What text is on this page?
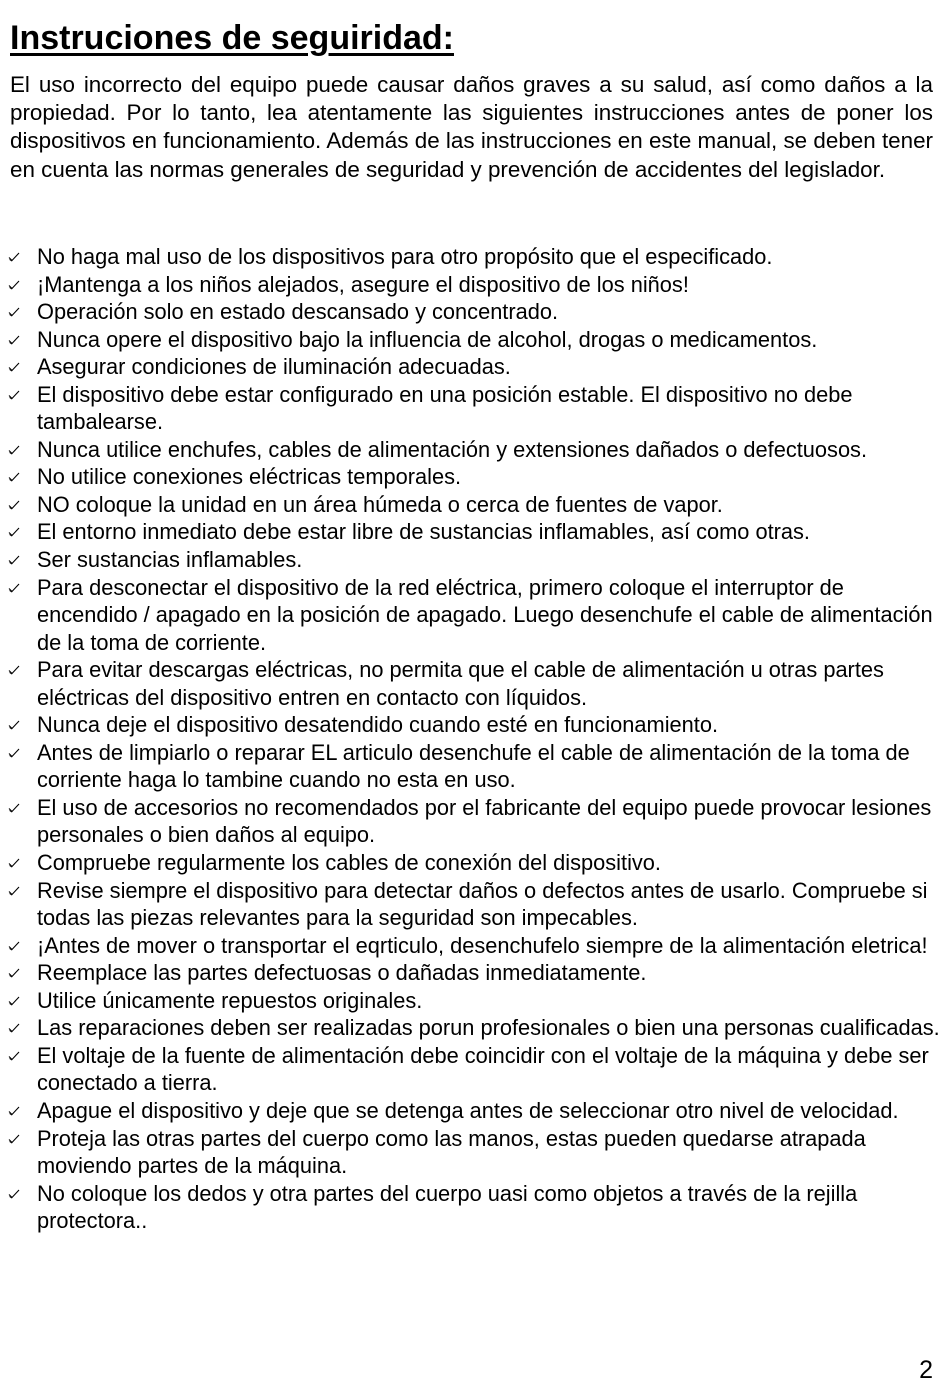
Instruciones de seguiridad:

El uso incorrecto del equipo puede causar daños graves a su salud, así como daños a la propiedad. Por lo tanto, lea atentamente las siguientes instrucciones antes de poner los dispositivos en funcionamiento. Además de las instrucciones en este manual, se deben tener en cuenta las normas generales de seguridad y prevención de accidentes del legislador.

No haga mal uso de los dispositivos para otro propósito que el especificado.
¡Mantenga a los niños alejados, asegure el dispositivo de los niños!
Operación solo en estado descansado y concentrado.
Nunca opere el dispositivo bajo la influencia de alcohol, drogas o medicamentos.
Asegurar condiciones de iluminación adecuadas.
El dispositivo debe estar configurado en una posición estable. El dispositivo no debe tambalearse.
Nunca utilice enchufes, cables de alimentación y extensiones dañados o defectuosos.
No utilice conexiones eléctricas temporales.
NO coloque la unidad en un área húmeda o cerca de fuentes de vapor.
El entorno inmediato debe estar libre de sustancias inflamables, así como otras.
Ser sustancias inflamables.
Para desconectar el dispositivo de la red eléctrica, primero coloque el interruptor de encendido / apagado en la posición de apagado. Luego desenchufe el cable de alimentación de la toma de corriente.
Para evitar descargas eléctricas, no permita que el cable de alimentación u otras partes eléctricas del dispositivo entren en contacto con líquidos.
Nunca deje el dispositivo desatendido cuando esté en funcionamiento.
Antes de limpiarlo o reparar EL articulo desenchufe el cable de alimentación de la toma de corriente haga lo tambine cuando no esta en uso.
El uso de accesorios no recomendados por el fabricante del equipo puede provocar lesiones personales o bien daños al equipo.
Compruebe regularmente los cables de conexión del dispositivo.
Revise siempre el dispositivo para detectar daños o defectos antes de usarlo. Compruebe si todas las piezas relevantes para la seguridad son impecables.
¡Antes de mover o transportar el eqrticulo, desenchufelo siempre de la alimentación eletrica!
Reemplace las partes defectuosas o dañadas inmediatamente.
Utilice únicamente repuestos originales.
Las reparaciones deben ser realizadas porun profesionales o bien una personas cualificadas.
El voltaje de la fuente de alimentación debe coincidir con el voltaje de la máquina y debe ser conectado a tierra.
Apague el dispositivo y deje que se detenga antes de seleccionar otro nivel de velocidad.
Proteja las otras partes del cuerpo como las manos, estas pueden quedarse atrapada moviendo partes de la máquina.
No coloque los dedos y otra partes del cuerpo uasi como objetos a través de la rejilla protectora..
2
